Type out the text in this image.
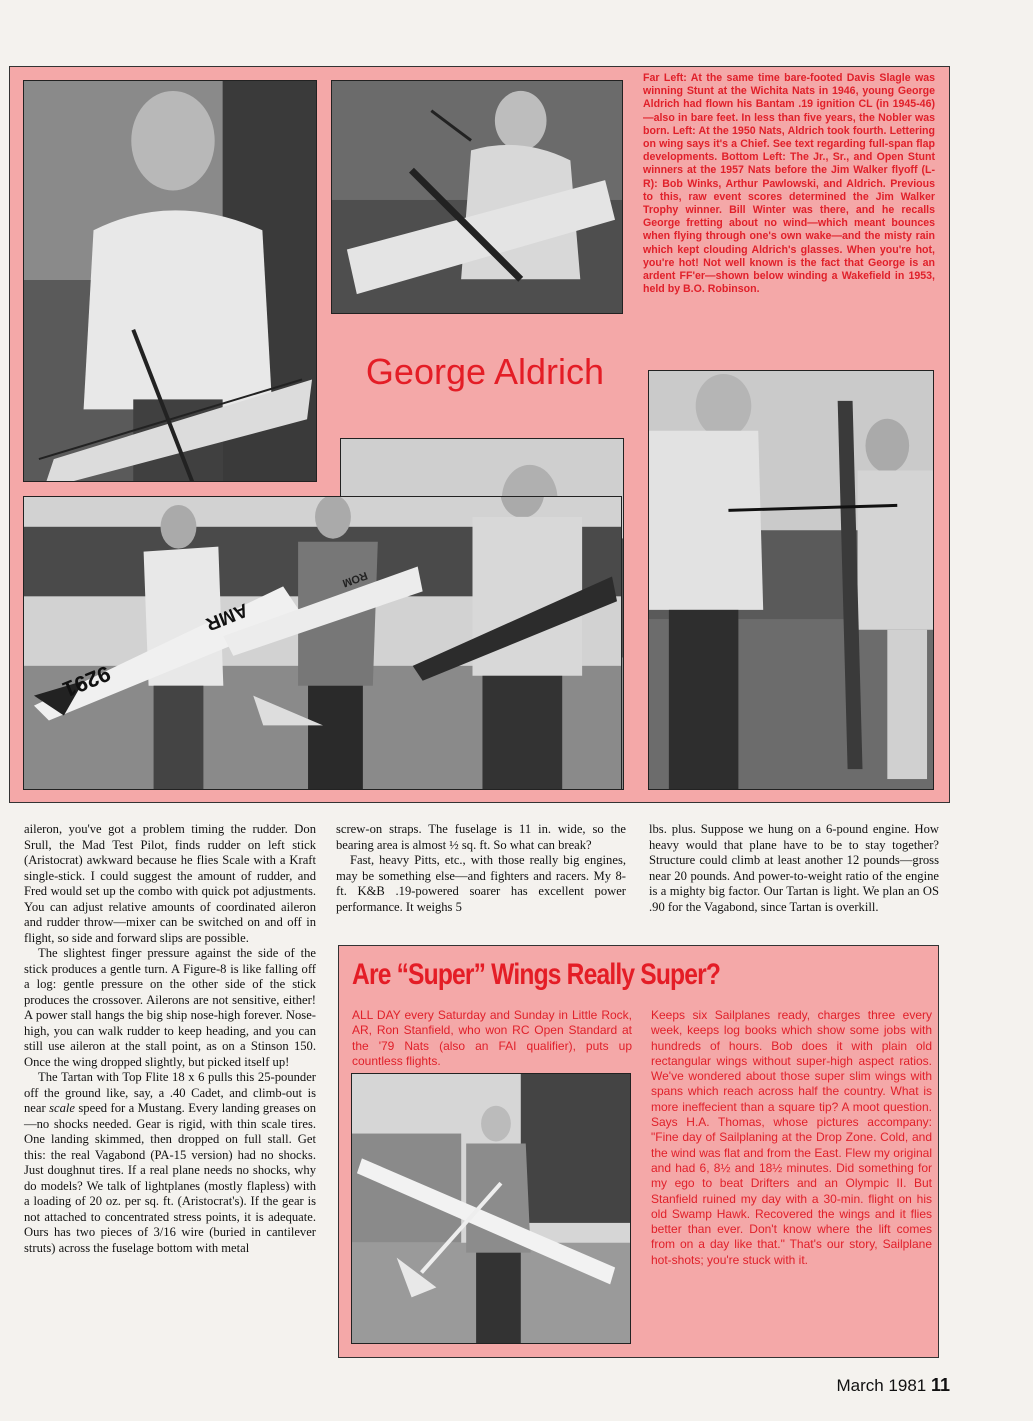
Far Left: At the same time bare-footed Davis Slagle was winning Stunt at the Wichita Nats in 1946, young George Aldrich had flown his Bantam .19 ignition CL (in 1945-46)—also in bare feet. In less than five years, the Nobler was born. Left: At the 1950 Nats, Aldrich took fourth. Lettering on wing says it's a Chief. See text regarding full-span flap developments. Bottom Left: The Jr., Sr., and Open Stunt winners at the 1957 Nats before the Jim Walker flyoff (L-R): Bob Winks, Arthur Pawlowski, and Aldrich. Previous to this, raw event scores determined the Jim Walker Trophy winner. Bill Winter was there, and he recalls George fretting about no wind—which meant bounces when flying through one's own wake—and the misty rain which kept clouding Aldrich's glasses. When you're hot, you're hot! Not well known is the fact that George is an ardent FF'er—shown below winding a Wakefield in 1953, held by B.O. Robinson.
George Aldrich
9291
AMR
ROM

aileron, you've got a problem timing the rudder. Don Srull, the Mad Test Pilot, finds rudder on left stick (Aristocrat) awkward because he flies Scale with a Kraft single-stick. I could suggest the amount of rudder, and Fred would set up the combo with quick pot adjustments. You can adjust relative amounts of coordinated aileron and rudder throw—mixer can be switched on and off in flight, so side and forward slips are possible.

The slightest finger pressure against the side of the stick produces a gentle turn. A Figure-8 is like falling off a log: gentle pressure on the other side of the stick produces the crossover. Ailerons are not sensitive, either! A power stall hangs the big ship nose-high forever. Nose-high, you can walk rudder to keep heading, and you can still use aileron at the stall point, as on a Stinson 150. Once the wing dropped slightly, but picked itself up!

The Tartan with Top Flite 18 x 6 pulls this 25-pounder off the ground like, say, a .40 Cadet, and climb-out is near scale speed for a Mustang. Every landing greases on—no shocks needed. Gear is rigid, with thin scale tires. One landing skimmed, then dropped on full stall. Get this: the real Vagabond (PA-15 version) had no shocks. Just doughnut tires. If a real plane needs no shocks, why do models? We talk of lightplanes (mostly flapless) with a loading of 20 oz. per sq. ft. (Aristocrat's). If the gear is not attached to concentrated stress points, it is adequate. Ours has two pieces of 3/16 wire (buried in cantilever struts) across the fuselage bottom with metal

screw-on straps. The fuselage is 11 in. wide, so the bearing area is almost ½ sq. ft. So what can break?

Fast, heavy Pitts, etc., with those really big engines, may be something else—and fighters and racers. My 8-ft. K&B .19-powered soarer has excellent power performance. It weighs 5

lbs. plus. Suppose we hung on a 6-pound engine. How heavy would that plane have to be to stay together? Structure could climb at least another 12 pounds—gross near 20 pounds. And power-to-weight ratio of the engine is a mighty big factor. Our Tartan is light. We plan an OS .90 for the Vagabond, since Tartan is overkill.

Are “Super” Wings Really Super?
ALL DAY every Saturday and Sunday in Little Rock, AR, Ron Stanfield, who won RC Open Standard at the '79 Nats (also an FAI qualifier), puts up countless flights.
Keeps six Sailplanes ready, charges three every week, keeps log books which show some jobs with hundreds of hours. Bob does it with plain old rectangular wings without super-high aspect ratios. We've wondered about those super slim wings with spans which reach across half the country. What is more ineffecient than a square tip? A moot question. Says H.A. Thomas, whose pictures accompany: "Fine day of Sailplaning at the Drop Zone. Cold, and the wind was flat and from the East. Flew my original and had 6, 8½ and 18½ minutes. Did something for my ego to beat Drifters and an Olympic II. But Stanfield ruined my day with a 30-min. flight on his old Swamp Hawk. Recovered the wings and it flies better than ever. Don't know where the lift comes from on a day like that." That's our story, Sailplane hot-shots; you're stuck with it.
March 1981 11
